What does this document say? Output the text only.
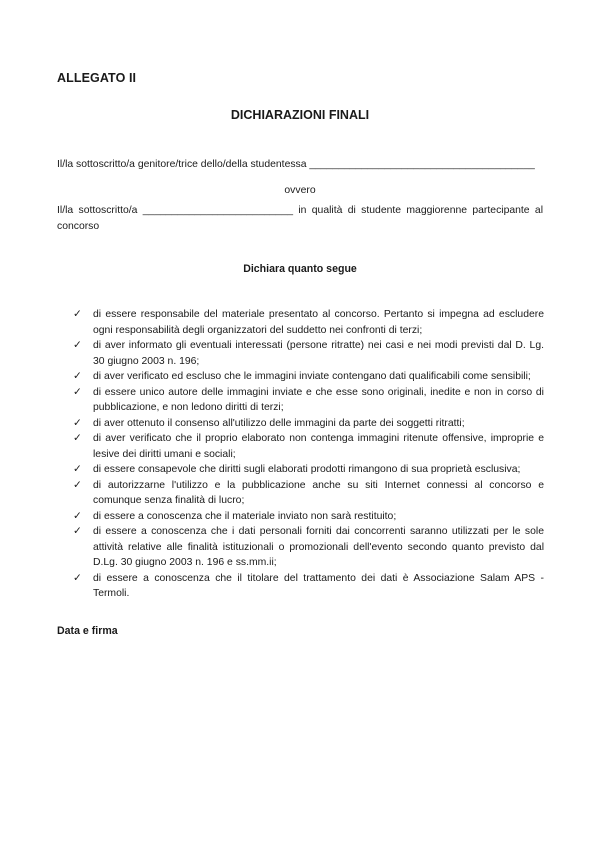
ALLEGATO II
DICHIARAZIONI FINALI
Il/la sottoscritto/a genitore/trice dello/della studentessa _______________________________________
ovvero
Il/la sottoscritto/a __________________________ in qualità di studente maggiorenne partecipante al concorso
Dichiara quanto segue
✓ di essere responsabile del materiale presentato al concorso. Pertanto si impegna ad escludere ogni responsabilità degli organizzatori del suddetto nei confronti di terzi;
✓ di aver informato gli eventuali interessati (persone ritratte) nei casi e nei modi previsti dal D. Lg. 30 giugno 2003 n. 196;
✓ di aver verificato ed escluso che le immagini inviate contengano dati qualificabili come sensibili;
✓ di essere unico autore delle immagini inviate e che esse sono originali, inedite e non in corso di pubblicazione, e non ledono diritti di terzi;
✓ di aver ottenuto il consenso all'utilizzo delle immagini da parte dei soggetti ritratti;
✓ di aver verificato che il proprio elaborato non contenga immagini ritenute offensive, improprie e lesive dei diritti umani e sociali;
✓ di essere consapevole che diritti sugli elaborati prodotti rimangono di sua proprietà esclusiva;
✓ di autorizzarne l'utilizzo e la pubblicazione anche su siti Internet connessi al concorso e comunque senza finalità di lucro;
✓ di essere a conoscenza che il materiale inviato non sarà restituito;
✓ di essere a conoscenza che i dati personali forniti dai concorrenti saranno utilizzati per le sole attività relative alle finalità istituzionali o promozionali dell'evento secondo quanto previsto dal D.Lg. 30 giugno 2003 n. 196 e ss.mm.ii;
✓ di essere a conoscenza che il titolare del trattamento dei dati è Associazione Salam APS - Termoli.
Data e firma
